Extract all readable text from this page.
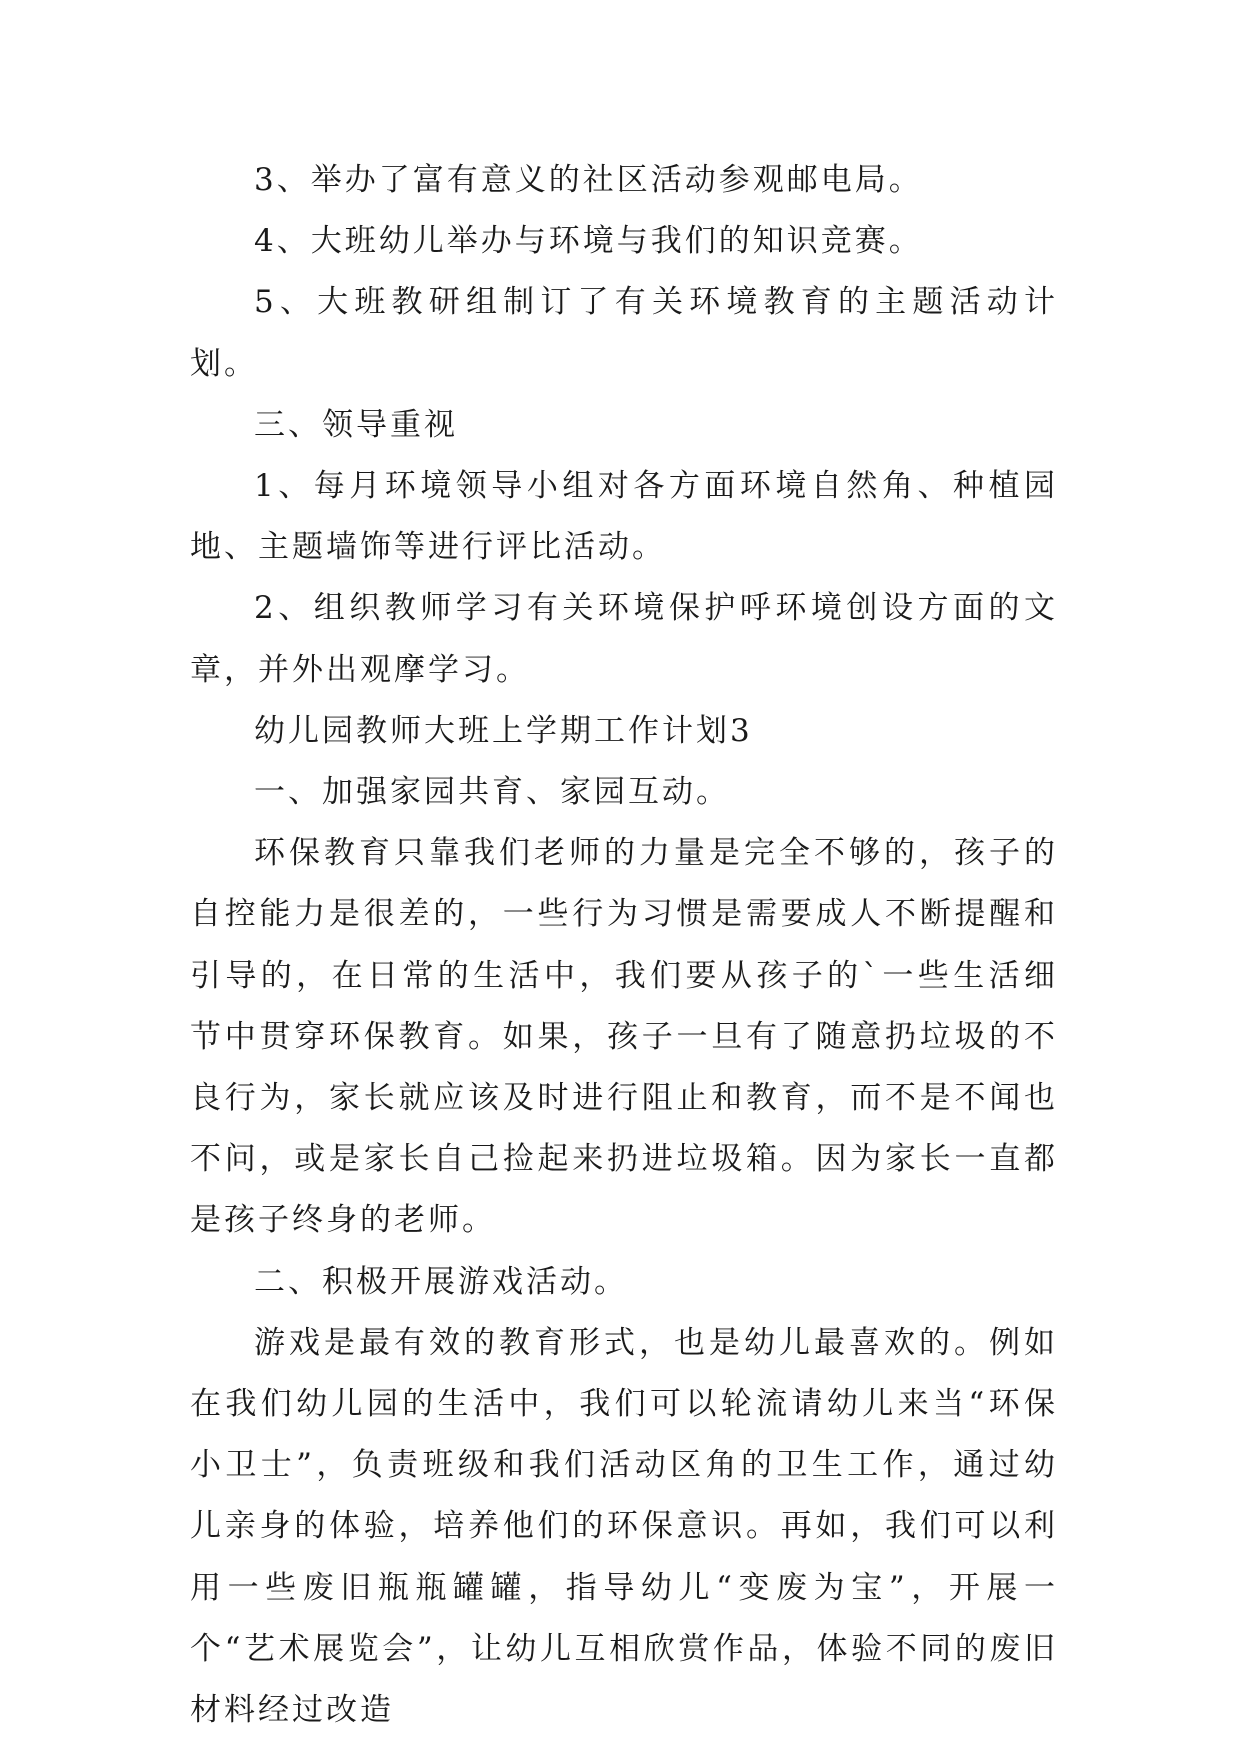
3、举办了富有意义的社区活动参观邮电局。

4、大班幼儿举办与环境与我们的知识竞赛。

5、大班教研组制订了有关环境教育的主题活动计划。

三、领导重视

1、每月环境领导小组对各方面环境自然角、种植园地、主题墙饰等进行评比活动。

2、组织教师学习有关环境保护呼环境创设方面的文章，并外出观摩学习。

幼儿园教师大班上学期工作计划3

一、加强家园共育、家园互动。

环保教育只靠我们老师的力量是完全不够的，孩子的自控能力是很差的，一些行为习惯是需要成人不断提醒和引导的，在日常的生活中，我们要从孩子的`一些生活细节中贯穿环保教育。如果，孩子一旦有了随意扔垃圾的不良行为，家长就应该及时进行阻止和教育，而不是不闻也不问，或是家长自己捡起来扔进垃圾箱。因为家长一直都是孩子终身的老师。

二、积极开展游戏活动。

游戏是最有效的教育形式，也是幼儿最喜欢的。例如在我们幼儿园的生活中，我们可以轮流请幼儿来当“环保小卫士”，负责班级和我们活动区角的卫生工作，通过幼儿亲身的体验，培养他们的环保意识。再如，我们可以利用一些废旧瓶瓶罐罐，指导幼儿“变废为宝”，开展一个“艺术展览会”，让幼儿互相欣赏作品，体验不同的废旧材料经过改造
